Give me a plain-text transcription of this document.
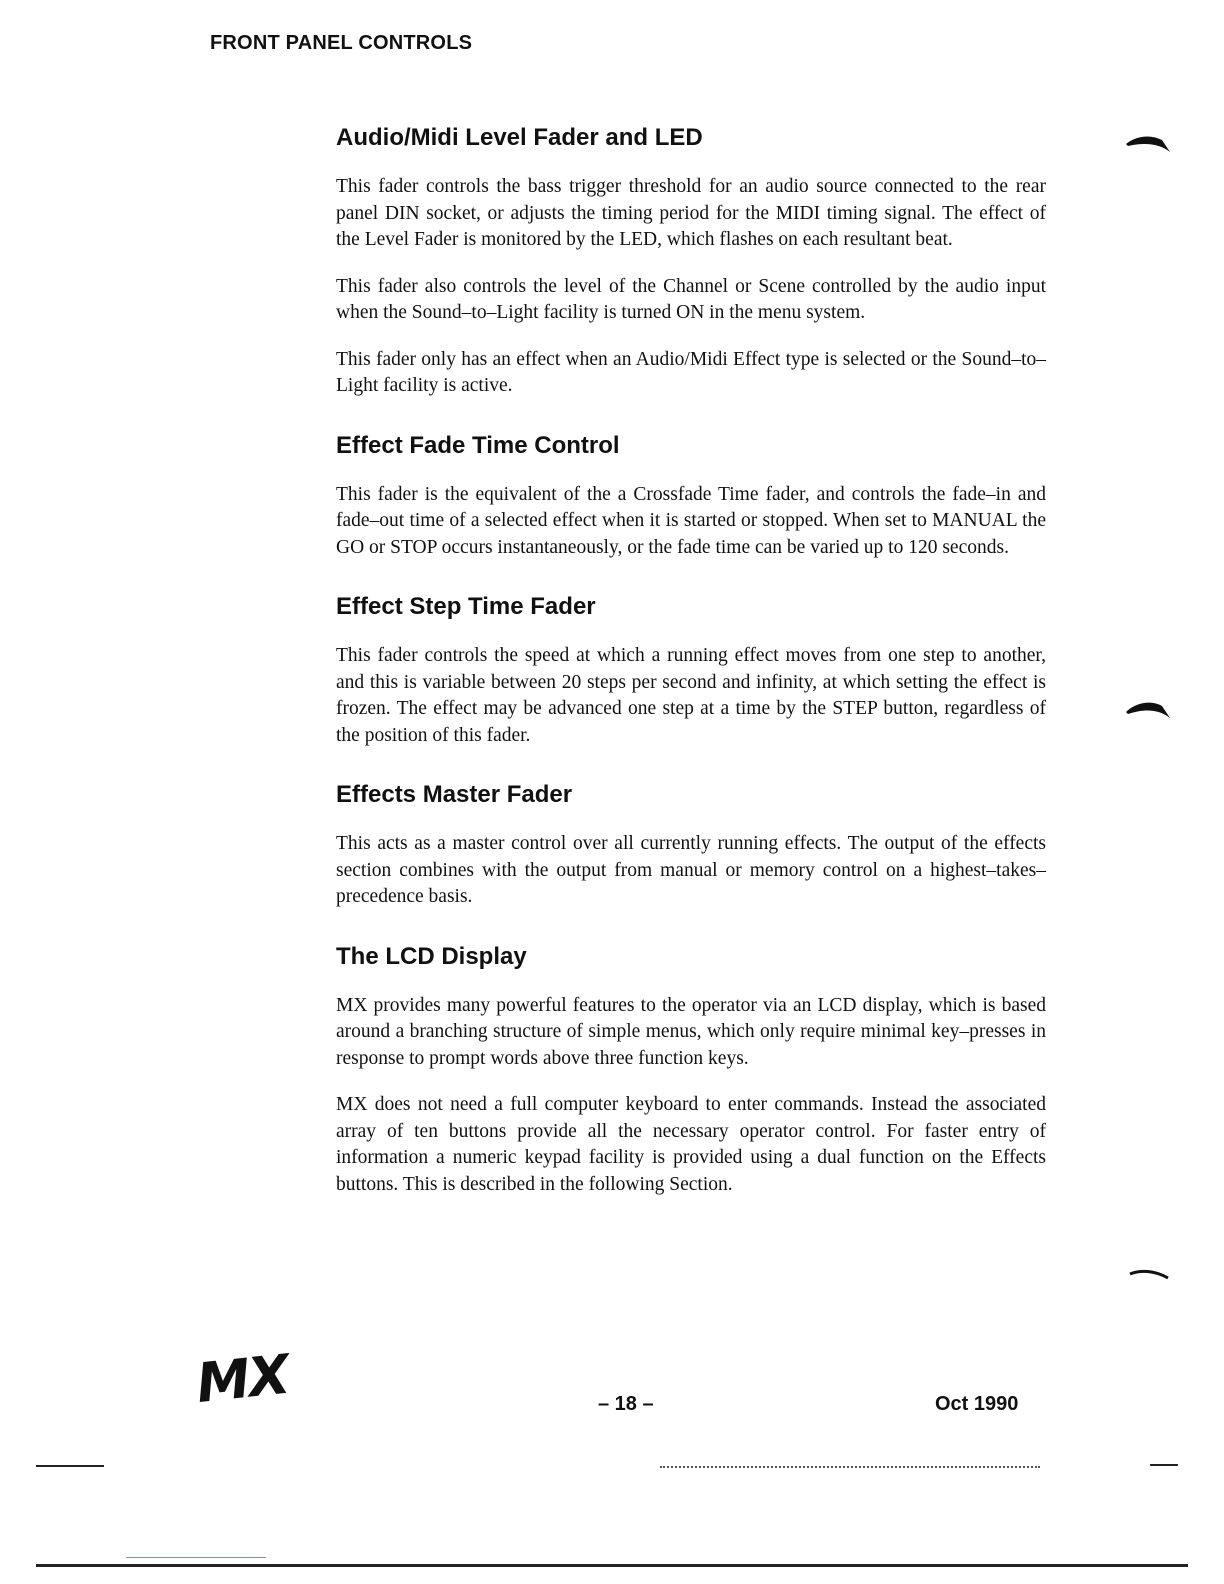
FRONT PANEL CONTROLS
Audio/Midi Level Fader and LED

This fader controls the bass trigger threshold for an audio source connected to the rear panel DIN socket, or adjusts the timing period for the MIDI timing signal. The effect of the Level Fader is monitored by the LED, which flashes on each resultant beat.

This fader also controls the level of the Channel or Scene controlled by the audio input when the Sound–to–Light facility is turned ON in the menu system.

This fader only has an effect when an Audio/Midi Effect type is selected or the Sound–to–Light facility is active.

Effect Fade Time Control

This fader is the equivalent of the a Crossfade Time fader, and controls the fade–in and fade–out time of a selected effect when it is started or stopped. When set to MANUAL the GO or STOP occurs instantaneously, or the fade time can be varied up to 120 seconds.

Effect Step Time Fader

This fader controls the speed at which a running effect moves from one step to another, and this is variable between 20 steps per second and infinity, at which setting the effect is frozen. The effect may be advanced one step at a time by the STEP button, regardless of the position of this fader.

Effects Master Fader

This acts as a master control over all currently running effects. The output of the effects section combines with the output from manual or memory control on a highest–takes–precedence basis.

The LCD Display

MX provides many powerful features to the operator via an LCD display, which is based around a branching structure of simple menus, which only require minimal key–presses in response to prompt words above three function keys.

MX does not need a full computer keyboard to enter commands. Instead the associated array of ten buttons provide all the necessary operator control. For faster entry of information a numeric keypad facility is provided using a dual function on the Effects buttons. This is described in the following Section.

MX	– 18 –	Oct 1990
